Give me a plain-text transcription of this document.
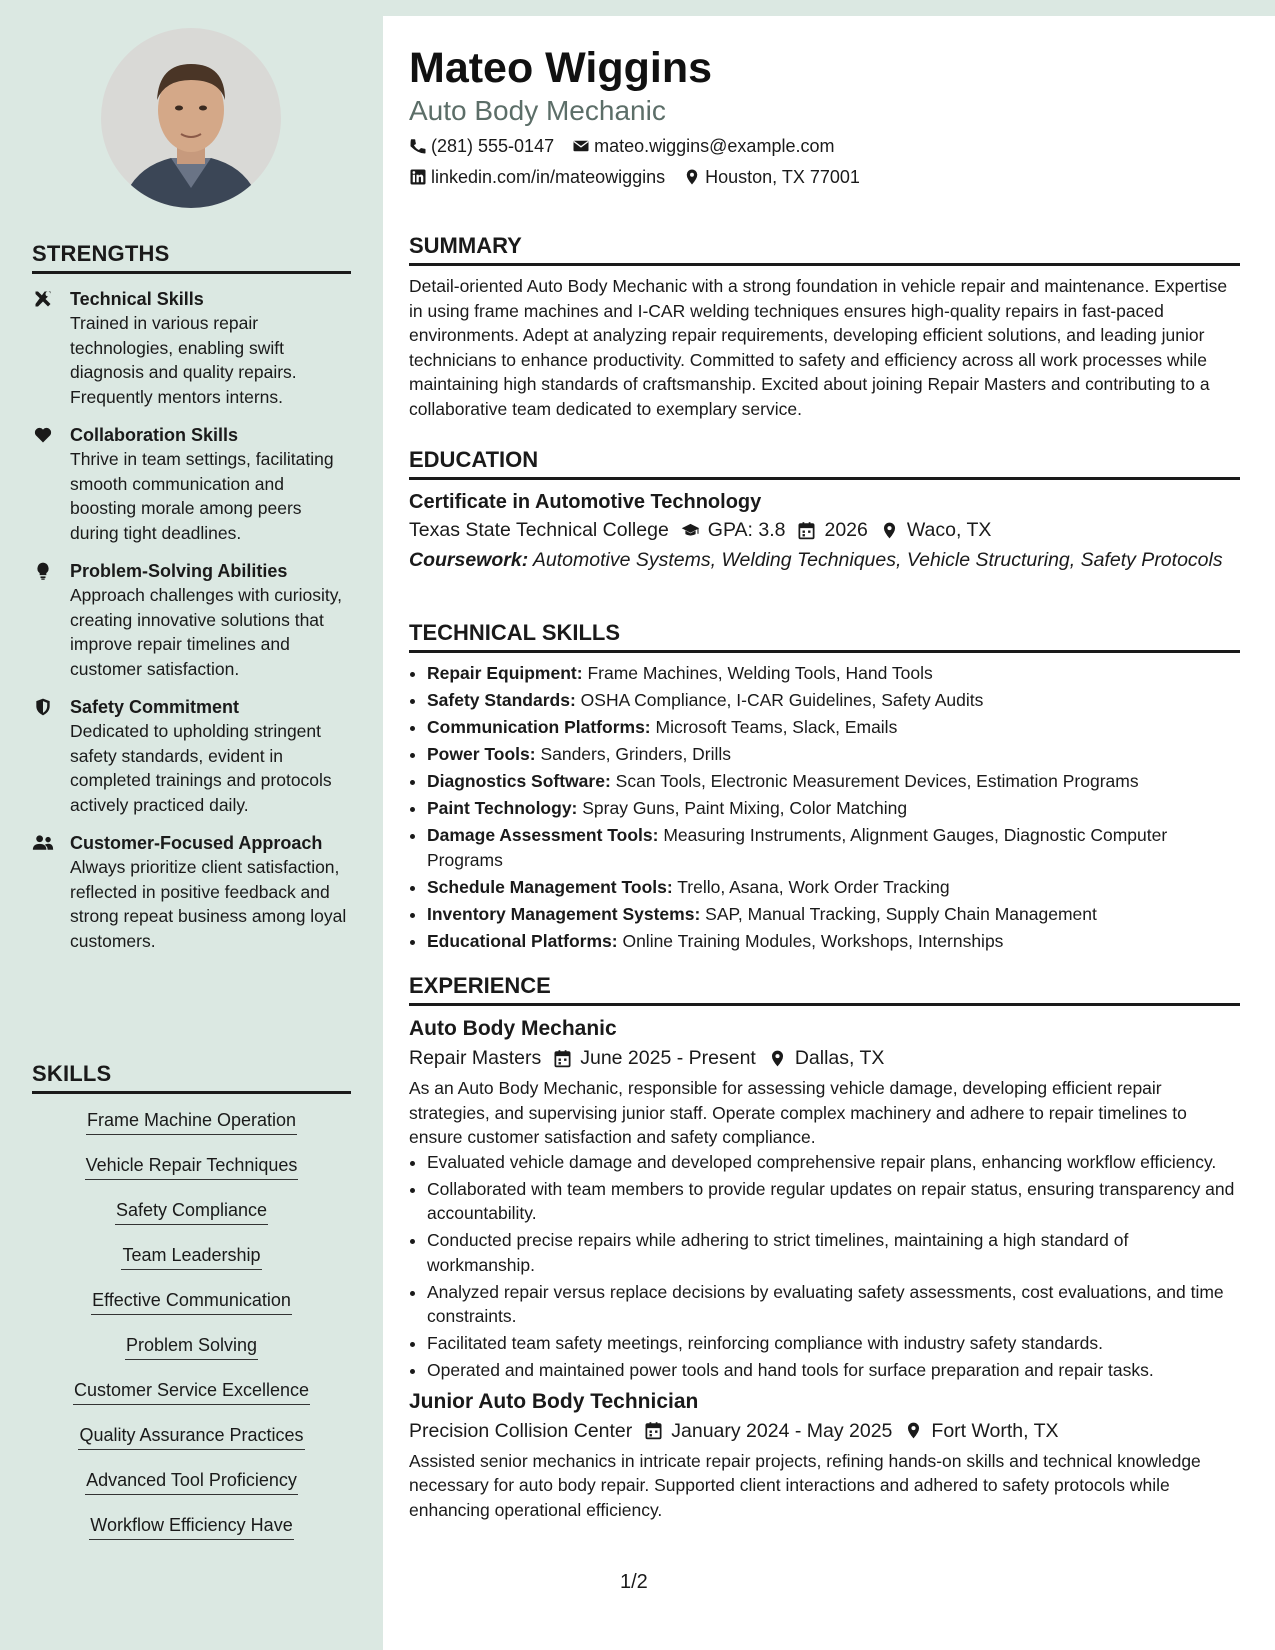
STRENGTHS
Technical Skills
Trained in various repair technologies, enabling swift diagnosis and quality repairs. Frequently mentors interns.
Collaboration Skills
Thrive in team settings, facilitating smooth communication and boosting morale among peers during tight deadlines.
Problem-Solving Abilities
Approach challenges with curiosity, creating innovative solutions that improve repair timelines and customer satisfaction.
Safety Commitment
Dedicated to upholding stringent safety standards, evident in completed trainings and protocols actively practiced daily.
Customer-Focused Approach
Always prioritize client satisfaction, reflected in positive feedback and strong repeat business among loyal customers.
SKILLS
Frame Machine Operation
Vehicle Repair Techniques
Safety Compliance
Team Leadership
Effective Communication
Problem Solving
Customer Service Excellence
Quality Assurance Practices
Advanced Tool Proficiency
Workflow Efficiency Have
Mateo Wiggins
Auto Body Mechanic
(281) 555-0147 mateo.wiggins@example.com
linkedin.com/in/mateowiggins Houston, TX 77001
SUMMARY
Detail-oriented Auto Body Mechanic with a strong foundation in vehicle repair and maintenance. Expertise in using frame machines and I-CAR welding techniques ensures high-quality repairs in fast-paced environments. Adept at analyzing repair requirements, developing efficient solutions, and leading junior technicians to enhance productivity. Committed to safety and efficiency across all work processes while maintaining high standards of craftsmanship. Excited about joining Repair Masters and contributing to a collaborative team dedicated to exemplary service.
EDUCATION
Certificate in Automotive Technology
Texas State Technical College GPA: 3.8 2026 Waco, TX
Coursework: Automotive Systems, Welding Techniques, Vehicle Structuring, Safety Protocols
TECHNICAL SKILLS
• Repair Equipment: Frame Machines, Welding Tools, Hand Tools
• Safety Standards: OSHA Compliance, I-CAR Guidelines, Safety Audits
• Communication Platforms: Microsoft Teams, Slack, Emails
• Power Tools: Sanders, Grinders, Drills
• Diagnostics Software: Scan Tools, Electronic Measurement Devices, Estimation Programs
• Paint Technology: Spray Guns, Paint Mixing, Color Matching
• Damage Assessment Tools: Measuring Instruments, Alignment Gauges, Diagnostic Computer Programs
• Schedule Management Tools: Trello, Asana, Work Order Tracking
• Inventory Management Systems: SAP, Manual Tracking, Supply Chain Management
• Educational Platforms: Online Training Modules, Workshops, Internships
EXPERIENCE
Auto Body Mechanic
Repair Masters June 2025 - Present Dallas, TX
As an Auto Body Mechanic, responsible for assessing vehicle damage, developing efficient repair strategies, and supervising junior staff. Operate complex machinery and adhere to repair timelines to ensure customer satisfaction and safety compliance.
• Evaluated vehicle damage and developed comprehensive repair plans, enhancing workflow efficiency.
• Collaborated with team members to provide regular updates on repair status, ensuring transparency and accountability.
• Conducted precise repairs while adhering to strict timelines, maintaining a high standard of workmanship.
• Analyzed repair versus replace decisions by evaluating safety assessments, cost evaluations, and time constraints.
• Facilitated team safety meetings, reinforcing compliance with industry safety standards.
• Operated and maintained power tools and hand tools for surface preparation and repair tasks.
Junior Auto Body Technician
Precision Collision Center January 2024 - May 2025 Fort Worth, TX
Assisted senior mechanics in intricate repair projects, refining hands-on skills and technical knowledge necessary for auto body repair. Supported client interactions and adhered to safety protocols while enhancing operational efficiency.
1/2
